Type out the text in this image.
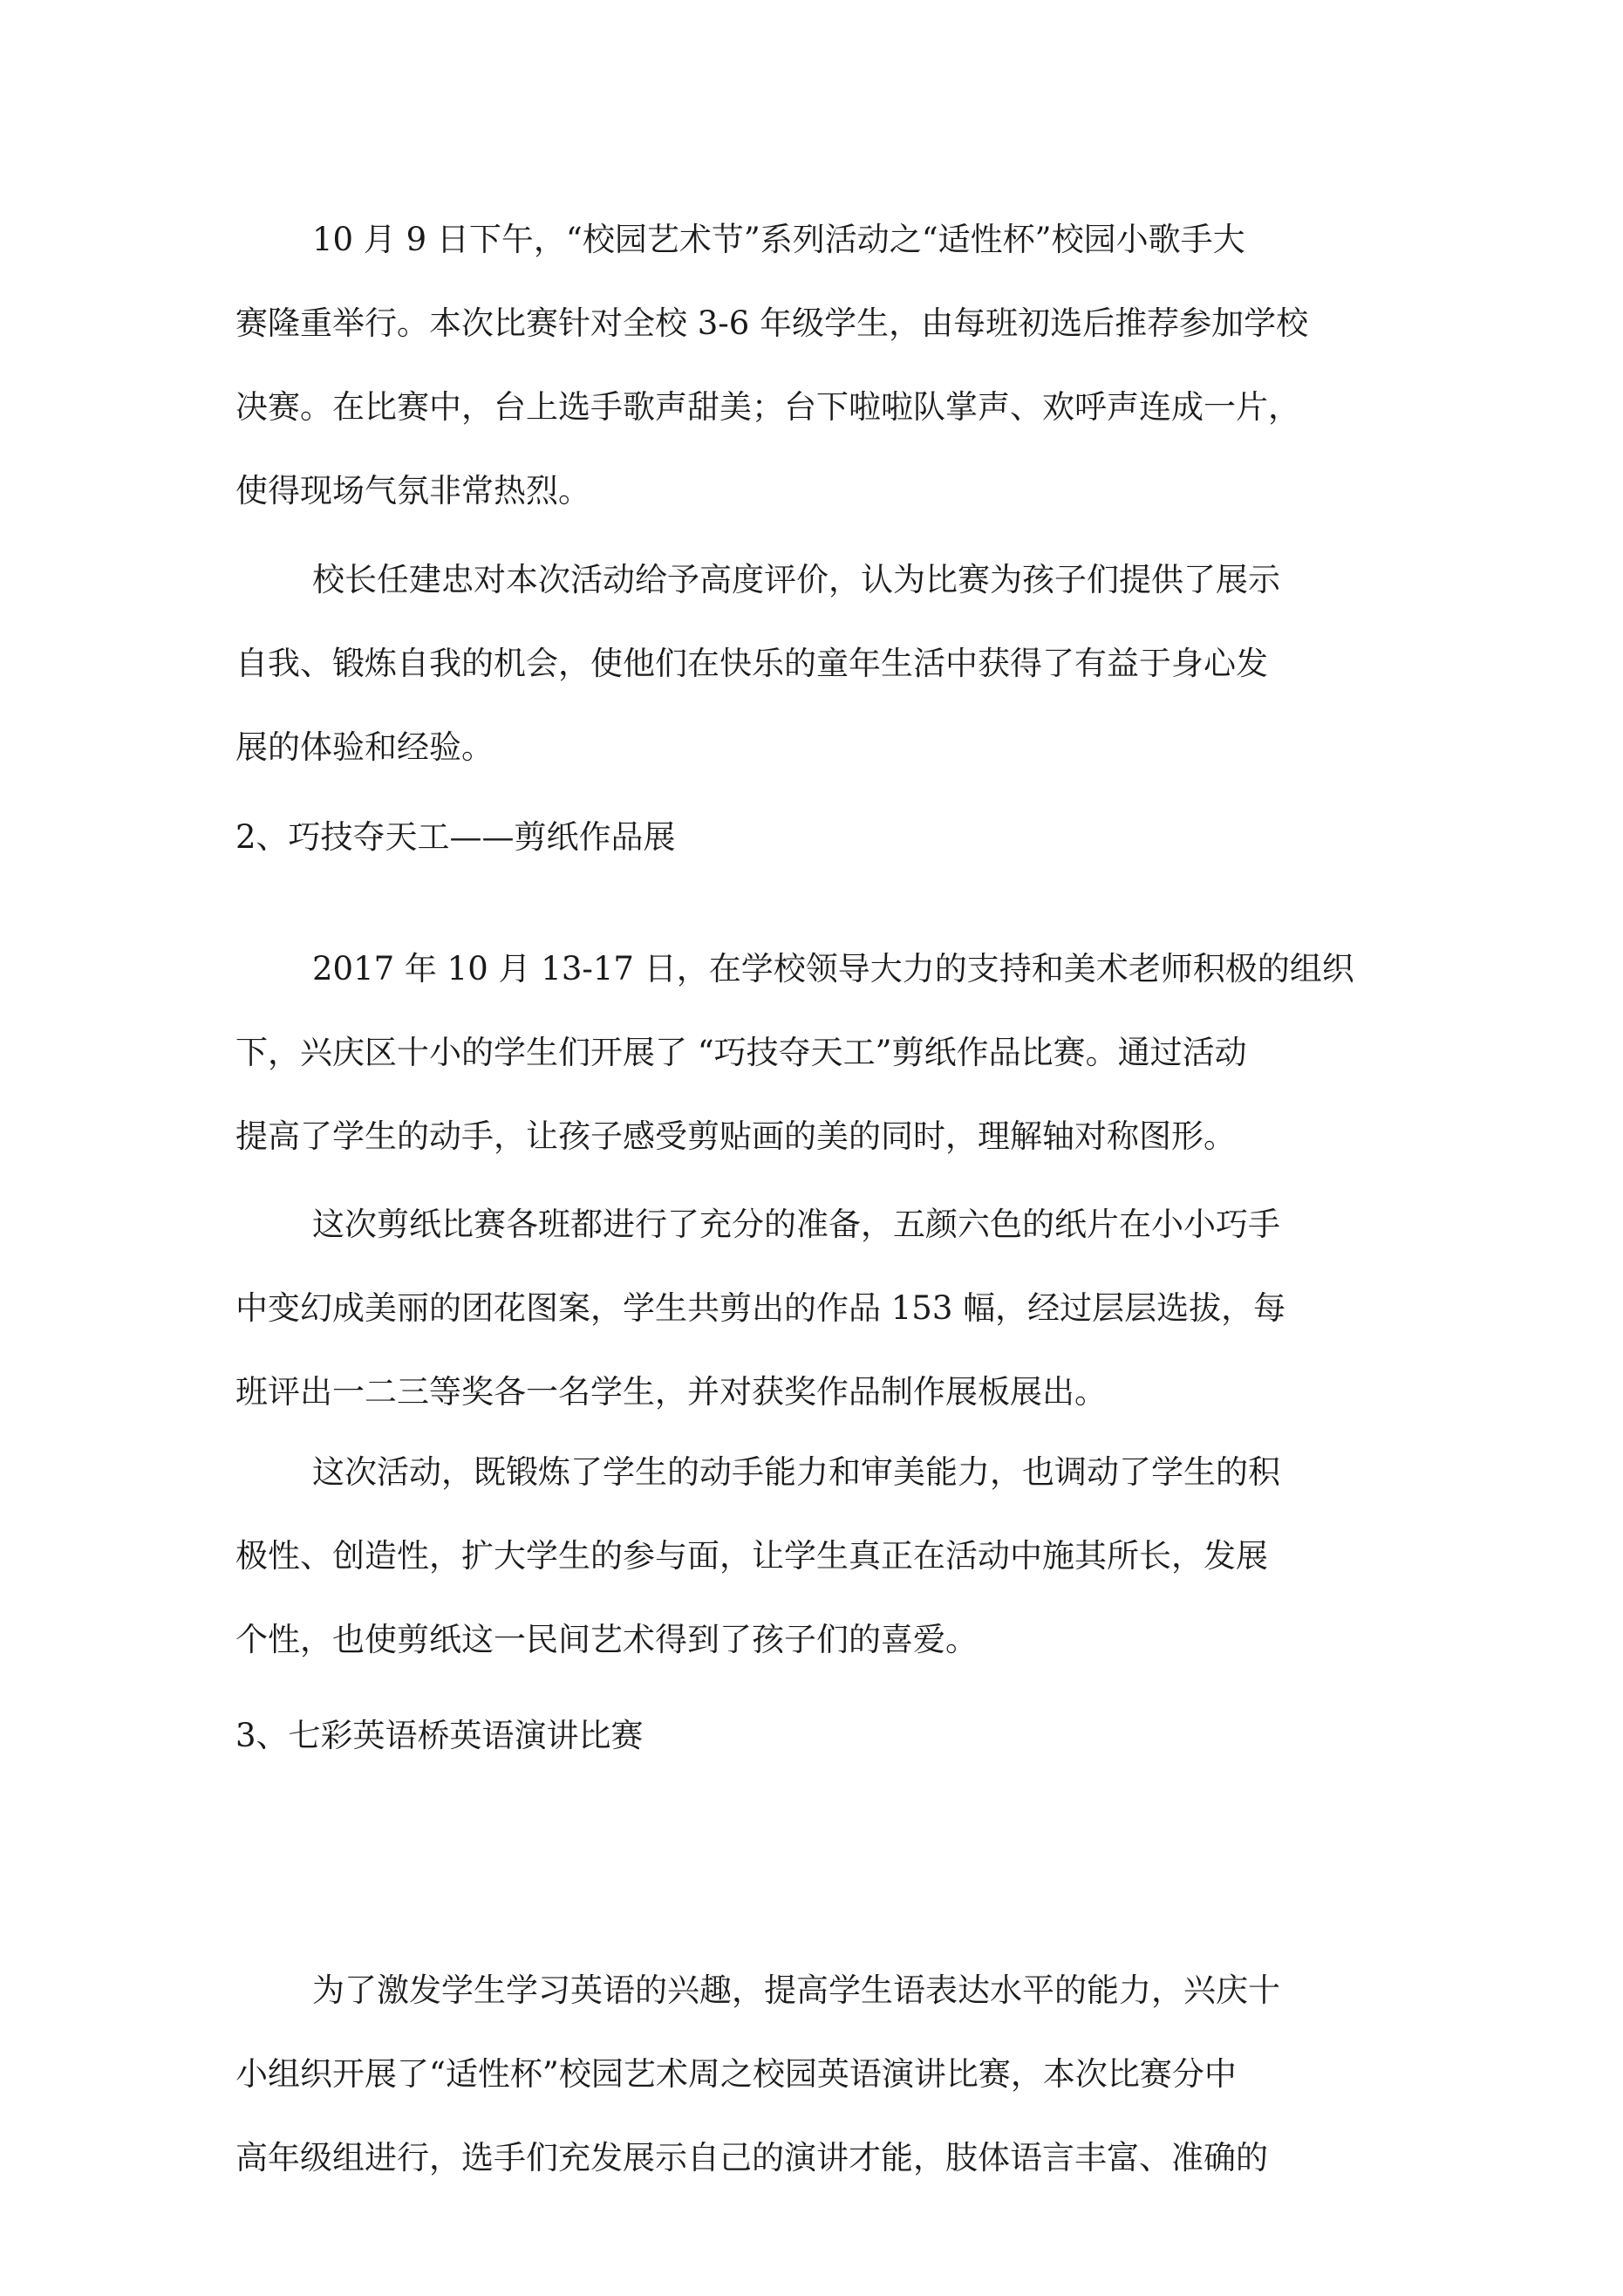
10 月 9 日下午，“校园艺术节”系列活动之“适性杯”校园小歌手大
赛隆重举行。本次比赛针对全校 3-6 年级学生，由每班初选后推荐参加学校
决赛。在比赛中，台上选手歌声甜美；台下啦啦队掌声、欢呼声连成一片，
使得现场气氛非常热烈。
校长任建忠对本次活动给予高度评价，认为比赛为孩子们提供了展示
自我、锻炼自我的机会，使他们在快乐的童年生活中获得了有益于身心发
展的体验和经验。
2、巧技夺天工——剪纸作品展
2017 年 10 月 13-17 日，在学校领导大力的支持和美术老师积极的组织
下，兴庆区十小的学生们开展了 “巧技夺天工”剪纸作品比赛。通过活动
提高了学生的动手，让孩子感受剪贴画的美的同时，理解轴对称图形。
这次剪纸比赛各班都进行了充分的准备，五颜六色的纸片在小小巧手
中变幻成美丽的团花图案，学生共剪出的作品 153 幅，经过层层选拔，每
班评出一二三等奖各一名学生，并对获奖作品制作展板展出。
这次活动，既锻炼了学生的动手能力和审美能力，也调动了学生的积
极性、创造性，扩大学生的参与面，让学生真正在活动中施其所长，发展
个性，也使剪纸这一民间艺术得到了孩子们的喜爱。
3、七彩英语桥英语演讲比赛
为了激发学生学习英语的兴趣，提高学生语表达水平的能力，兴庆十
小组织开展了“适性杯”校园艺术周之校园英语演讲比赛，本次比赛分中
高年级组进行，选手们充发展示自己的演讲才能，肢体语言丰富、准确的
